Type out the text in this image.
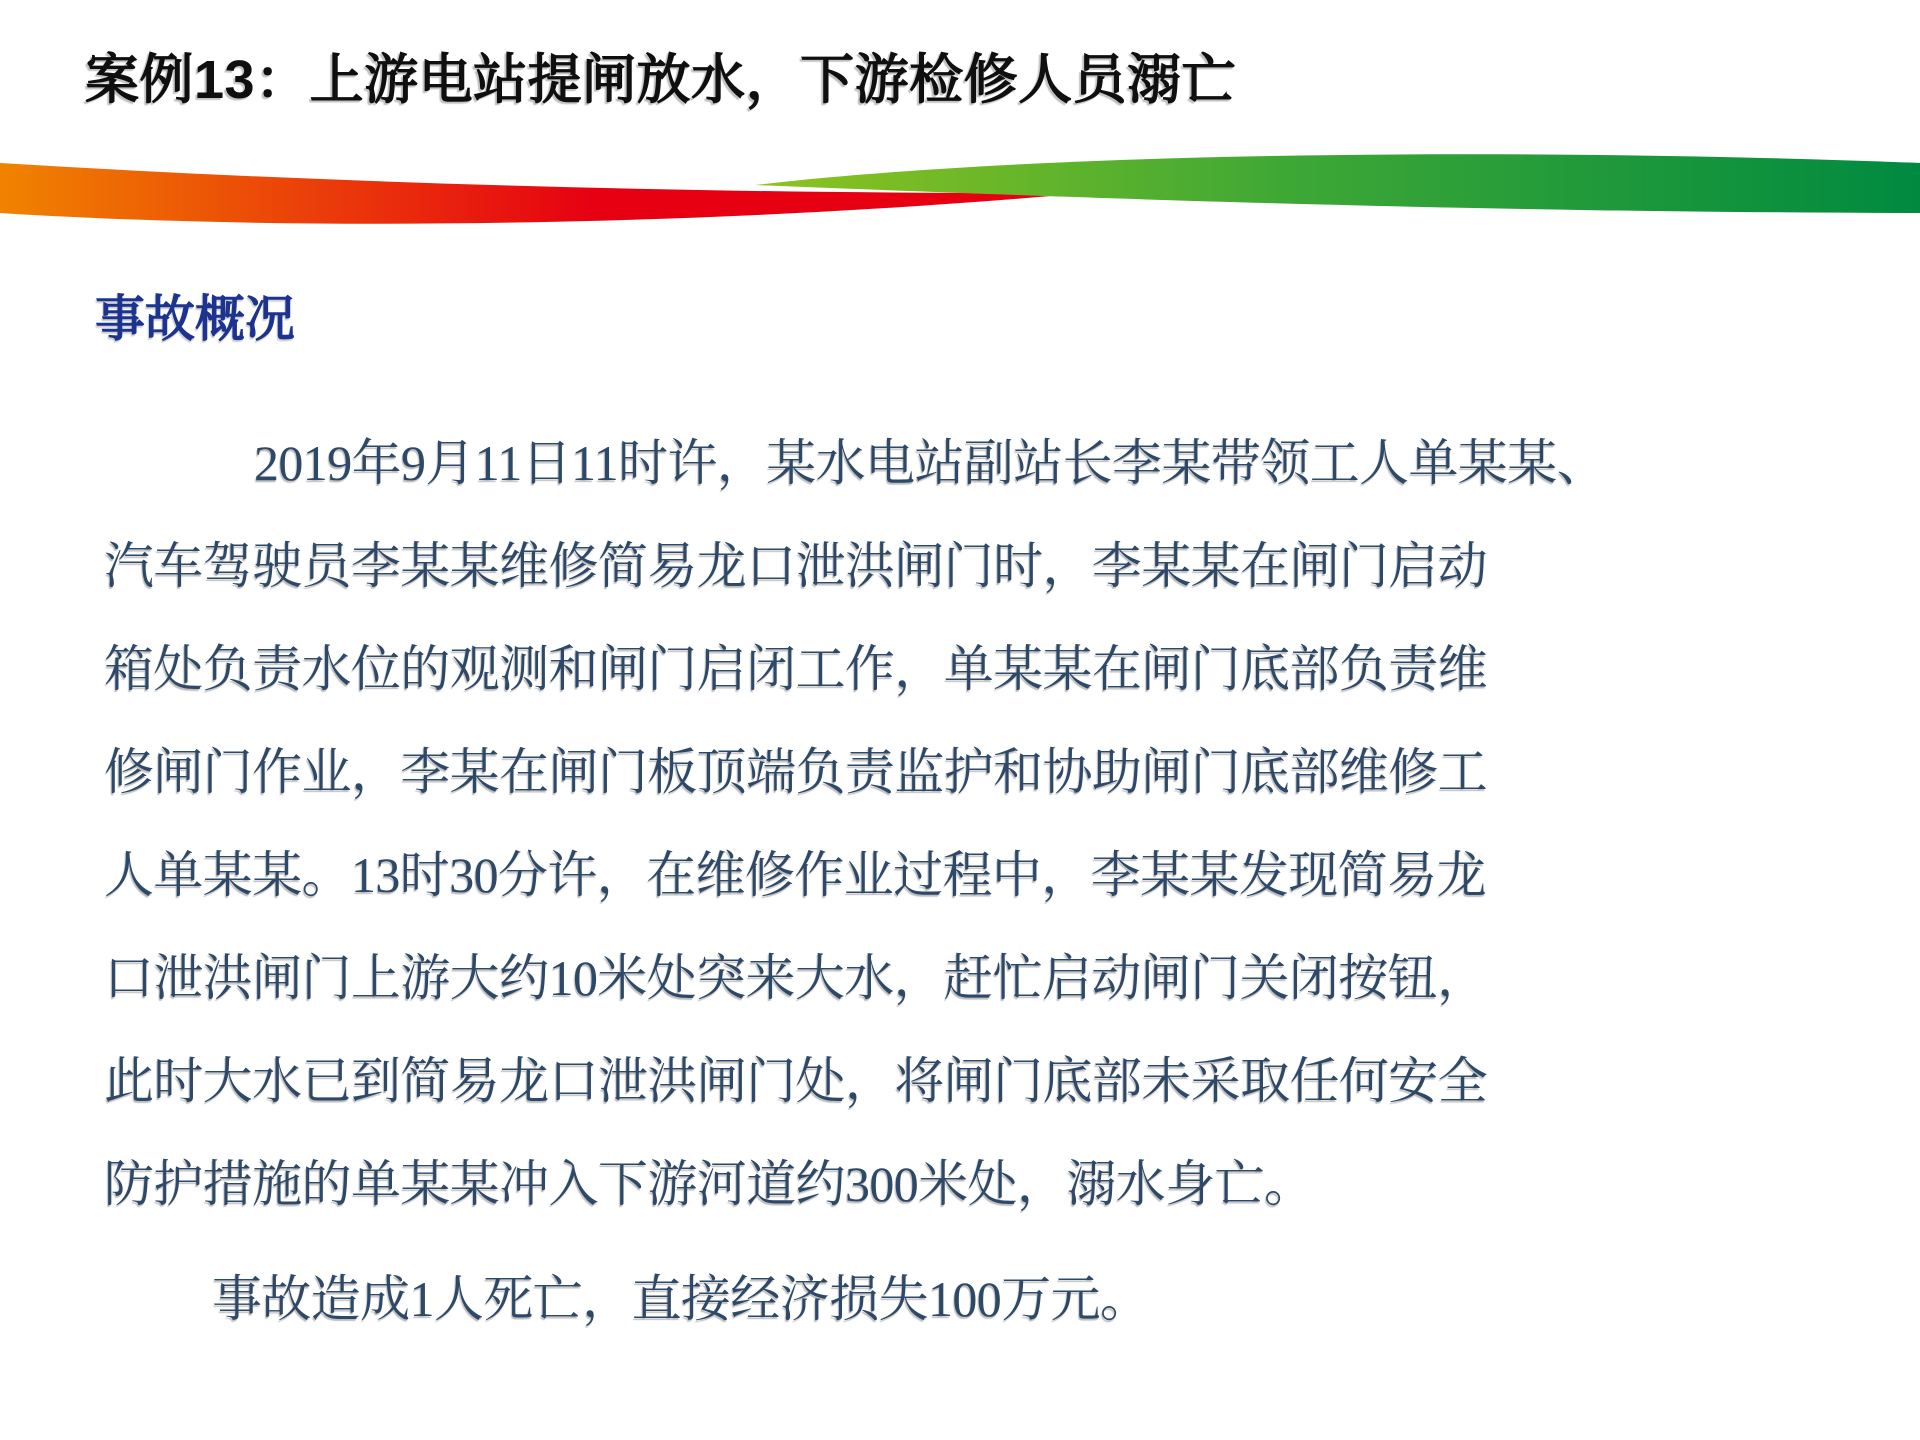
案例13：上游电站提闸放水，下游检修人员溺亡
事故概况
2019年9月11日11时许，某水电站副站长李某带领工人单某某、
汽车驾驶员李某某维修简易龙口泄洪闸门时，李某某在闸门启动
箱处负责水位的观测和闸门启闭工作，单某某在闸门底部负责维
修闸门作业，李某在闸门板顶端负责监护和协助闸门底部维修工
人单某某。13时30分许，在维修作业过程中，李某某发现简易龙
口泄洪闸门上游大约10米处突来大水，赶忙启动闸门关闭按钮，
此时大水已到简易龙口泄洪闸门处，将闸门底部未采取任何安全
防护措施的单某某冲入下游河道约300米处，溺水身亡。
事故造成1人死亡，直接经济损失100万元。
